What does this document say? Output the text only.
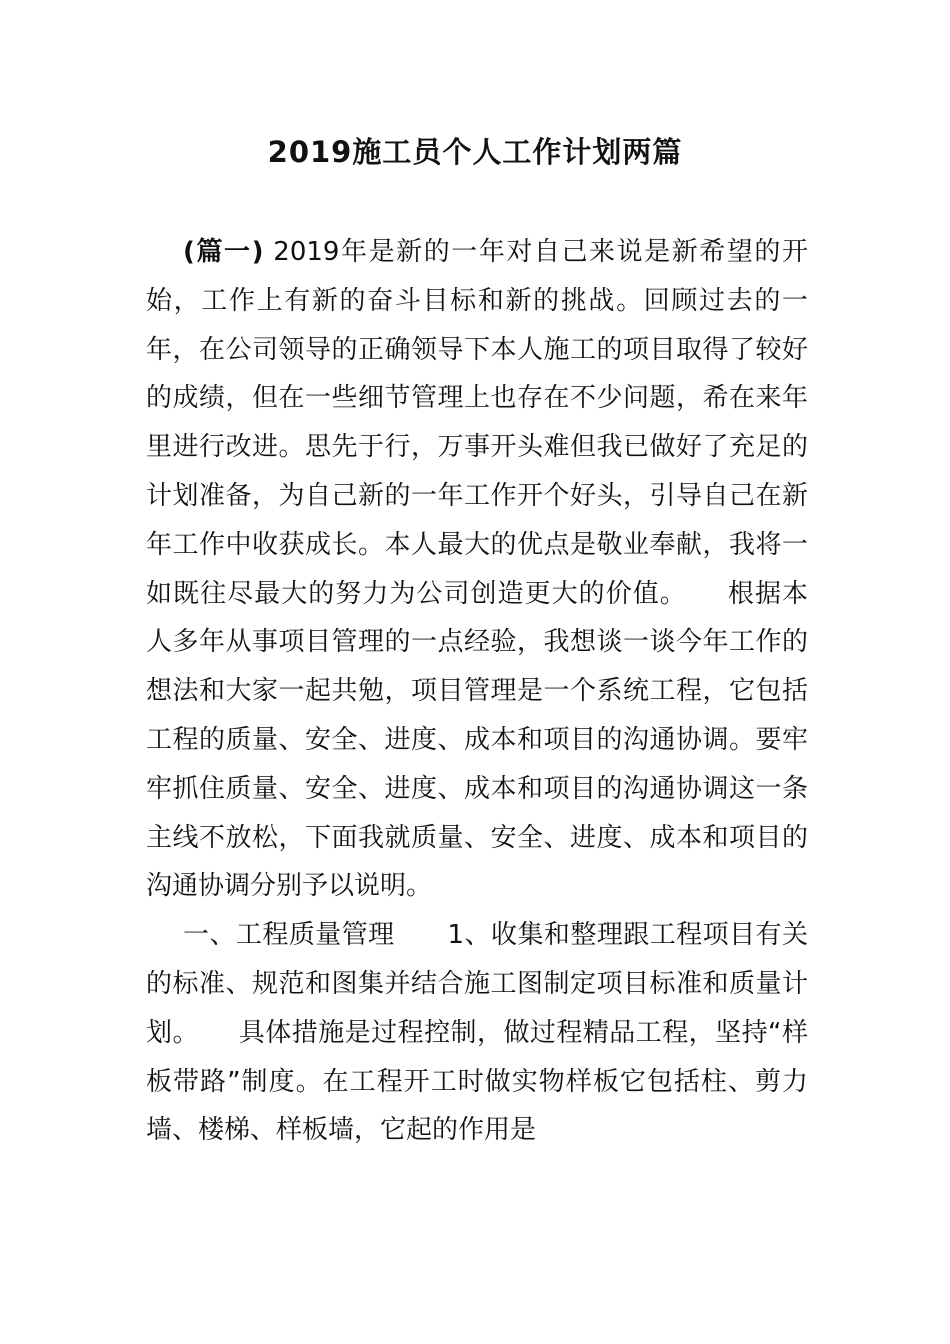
2019施工员个人工作计划两篇

(篇一) 2019年是新的一年对自己来说是新希望的开始，工作上有新的奋斗目标和新的挑战。回顾过去的一年，在公司领导的正确领导下本人施工的项目取得了较好的成绩，但在一些细节管理上也存在不少问题，希在来年里进行改进。思先于行，万事开头难但我已做好了充足的计划准备，为自己新的一年工作开个好头，引导自己在新年工作中收获成长。本人最大的优点是敬业奉献，我将一如既往尽最大的努力为公司创造更大的价值。　　根据本人多年从事项目管理的一点经验，我想谈一谈今年工作的想法和大家一起共勉，项目管理是一个系统工程，它包括工程的质量、安全、进度、成本和项目的沟通协调。要牢牢抓住质量、安全、进度、成本和项目的沟通协调这一条主线不放松，下面我就质量、安全、进度、成本和项目的沟通协调分别予以说明。

一、工程质量管理　　1、收集和整理跟工程项目有关的标准、规范和图集并结合施工图制定项目标准和质量计划。　　具体措施是过程控制，做过程精品工程，坚持“样板带路”制度。在工程开工时做实物样板它包括柱、剪力墙、楼梯、样板墙，它起的作用是
